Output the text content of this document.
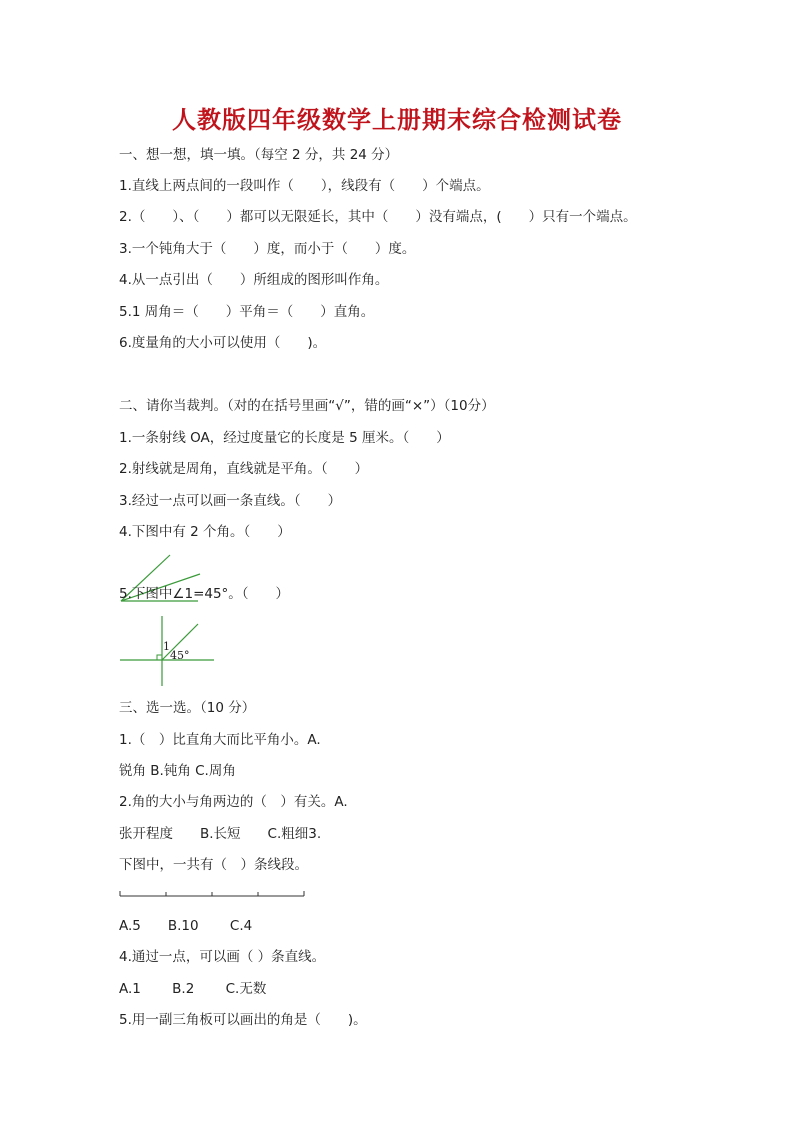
人教版四年级数学上册期末综合检测试卷
一、想一想，填一填。（每空 2 分，共 24 分）
1.直线上两点间的一段叫作（　　），线段有（　　）个端点。
2.（　　）、（　　）都可以无限延长，其中（　　）没有端点，(　　）只有一个端点。
3.一个钝角大于（　　）度，而小于（　　）度。
4.从一点引出（　　）所组成的图形叫作角。
5.1 周角＝（　　）平角＝（　　）直角。
6.度量角的大小可以使用（　　)。
二、请你当裁判。（对的在括号里画“√”，错的画“×”）（10分）
1.一条射线 OA，经过度量它的长度是 5 厘米。（　　）
2.射线就是周角，直线就是平角。（　　）
3.经过一点可以画一条直线。（　　）
4.下图中有 2 个角。（　　）
5.下图中∠1=45°。（　　）
1
45°
三、选一选。（10 分）
1.（　）比直角大而比平角小。A.
锐角 B.钝角 C.周角
2.角的大小与角两边的（　）有关。A.
张开程度　　B.长短　　C.粗细3.
下图中，一共有（　）条线段。
A.5　　B.10　　 C.4
4.通过一点，可以画（ ）条直线。
A.1　　 B.2　　 C.无数
5.用一副三角板可以画出的角是（　　)。
